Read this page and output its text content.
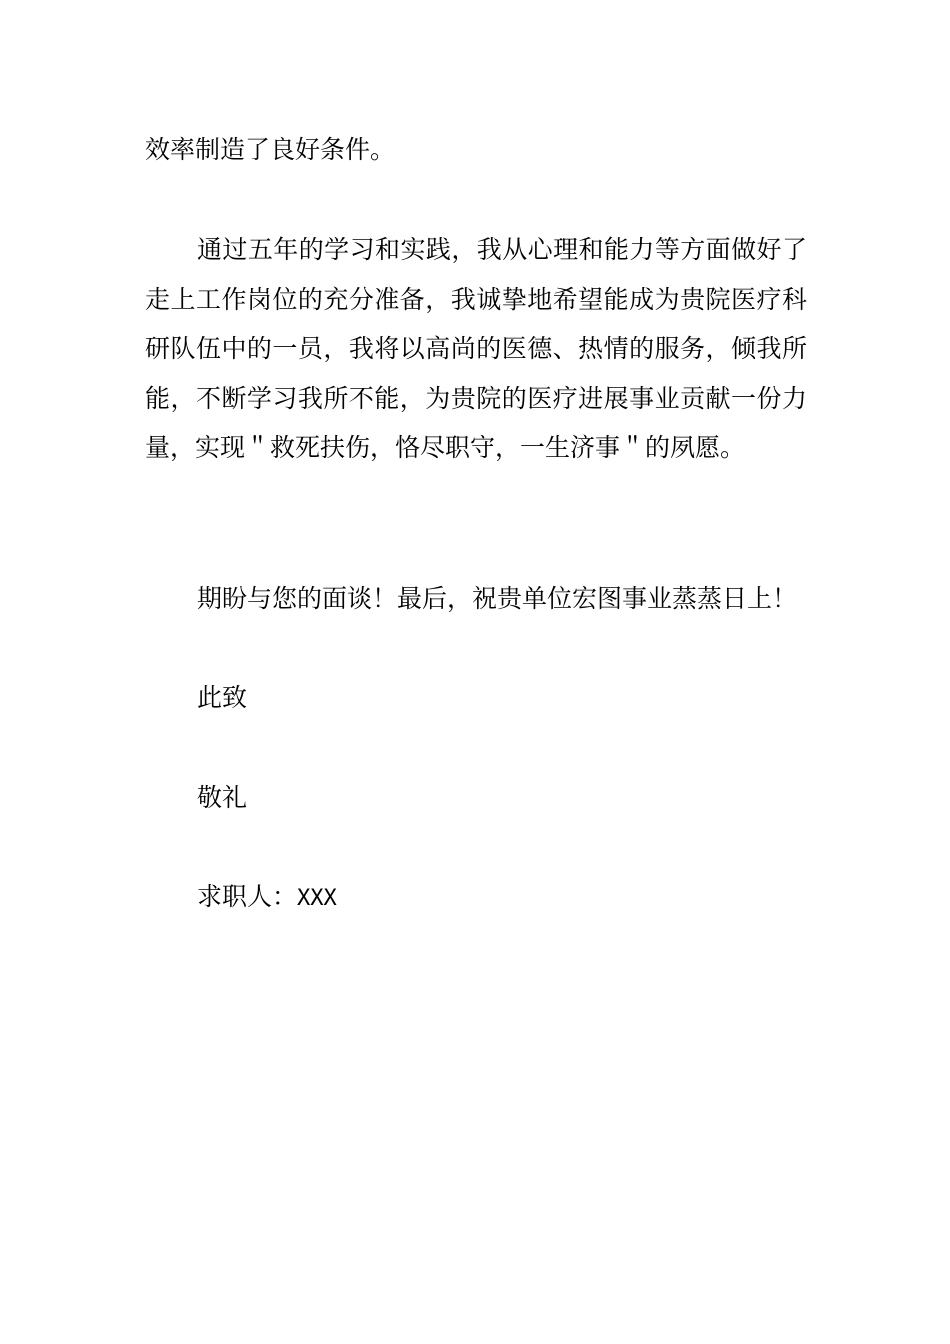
效率制造了良好条件。

通过五年的学习和实践，我从心理和能力等方面做好了走上工作岗位的充分准备，我诚挚地希望能成为贵院医疗科研队伍中的一员，我将以高尚的医德、热情的服务，倾我所能，不断学习我所不能，为贵院的医疗进展事业贡献一份力量，实现＂救死扶伤，恪尽职守，一生济事＂的夙愿。

期盼与您的面谈！最后，祝贵单位宏图事业蒸蒸日上！

此致

敬礼

求职人：XXX
